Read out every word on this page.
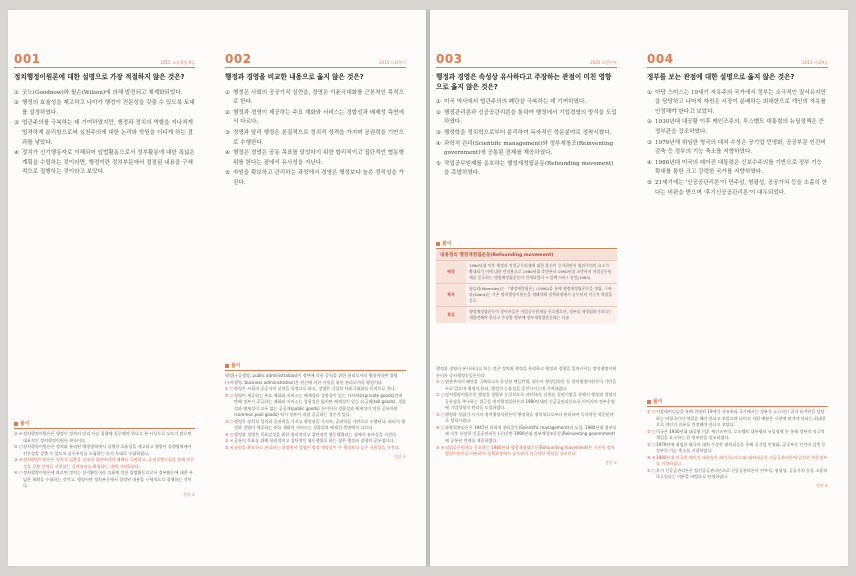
001	2015 교육행정 9급
정치행정이원론에 대한 설명으로 가장 적절하지 않은 것은?
① 굿노(Goodnow)와 윌슨(Wilson)에 의해 발전되고 체계화되었다.
② 행정의 효율성을 제고하고 나아가 행정이 전문성을 갖출 수 있도록 토대를 설정하였다.
③ 엽관주의를 극복하는 데 기여하였지만, 행정과 정치의 역할을 지나치게 엄격하게 분리함으로써 실천주의에 대한 논리와 학원을 더디게 하는 결과를 낳았다.
④ 정치가 신기행동자로 이해되어 입법활동으로서 정부활동에 대한 폭넓은 계획을 수립하는 것이라면, 행정이란 정치부문에서 결정된 내용을 구체적으로 집행하는 것이라고 보았다.
풀이
③ ✕ 정치행정이원론은 행정이 정치의 달리 사실 집행에 집중해야 한다고 본 사상으로 오도가 많으면 대표적인 정치행정이원론 학자이다.
② ○ 정치행정이원론은 정치와 분리된 행정영역에서 집행의 효율성을 제고하고 행정이 집행영역에서 전문성을 갖출 수 있도록 실무주의를 드립하는 등의 토대로 수립하였다.
③ ✕ 정치행정이원론은 정치적 임용을 강조한 엽관주의의 폐해를 극복하고, 공개경쟁시험을 통해 전문성을 갖춘 인력을 선발하는 실적주의를 확립하는 데에 기여하였다.
④ ○ 정치행정이원론에 따르면 정치는 선거활동이라 의회에 의한 입법활동으로서 정부활동에 대한 폭넓은 계획을 수립하는 것이고, 행정이란 정치부문에서 결정된 내용을 구체적으로 집행하는 것이다.
정답 ③
002	2015 사회복지
행정과 경영을 비교한 내용으로 옳지 않은 것은?
① 행정은 사회의 공공가치 실현을, 경영은 이윤극대화를 근본적인 목적으로 한다.
② 행정과 경영이 제공하는 주요 재화와 서비스는 경합성과 배제성 측면에서 다르다.
③ 경영과 달리 행정은 본질적으로 정치적 성격을 가지며 공권력을 기반으로 수행한다.
④ 행정은 경영은 공동 목표를 달성하기 위한 합리적이고 집단적인 협동행위를 한다는 점에서 유사성을 지닌다.
⑤ 자원을 확보하고 관리하는 과정에서 경영은 행정보다 높은 경직성을 가진다.
풀이
행정(+공행정, public administration)이 정부에 의한 공익을 위한 관리로서의 행정이라면 경영(+사행정, business administration)은 민간에 의한 사익을 위한 관리로서의 행정이다.
① ○ 행정은 사회의 공공가치 실현을 목적으로 하고, 경영은 기업의 이윤극대화를 목적으로 한다.
② ○ 경영이 제공하는 주요 재화와 서비스는 배제성과 경합성이 있는 사적재화(private goods)인데 반해 정부가 공급하는 재화와 서비스는 경합성은 없지만 배제성이 있는 요금재(toll goods), 경합성과 배제성이 모두 없는 공공재(public goods) 등이어서 경합성과 배제성이 약한 공유자원(common pool goods) 역시 정부가 직접 공급하는 경우가 있다.
③ ○ 행정은 정치적 성격과 공권력을 가지고 행정권을 가지며, 공권력을 기반으로 수행된다. 따라서 행정과 경영이 제공하는 주요 재화의 서비스는 경합성과 배제성 측면에서 다르다.
④ ○ 행정과 경영은 목표달성을 위한 합리적이고 집단적인 협동행위라는 점에서 유사성을 가진다.
⑤ ✕ 공통의 목표를 위해 합리적이고 집단적인 협동행위를 하는 점은 행정과 경영의 공통점이다.
⑤ ✕ 자원을 확보하고 관리하는 과정에서 경영은 법적 제약성이 큰 행정보다 높은 자율성을 가진다.
정답 ⑤
003	2020 소방인부
행정과 경영은 속성상 유사하다고 주장하는 관점이 미친 영향으로 옳지 않은 것은?
① 미국 역사에서 엽관주의의 폐단을 극복하는 데 기여하였다.
② 행정관리론과 신공공관리론을 통하여 행정에서 기업경영의 방식을 도입하였다.
③ 행정학을 정치학으로부터 분리하여 독자적인 학문분야로 정착시켰다.
④ 과학적 관리(Scientific management)와 정부재창조(Reinventing government)에 공통된 전제를 제공하였다.
⑤ 작업공무원제를 옹호하는 행정재정립운동(Refounding movement)을 촉발하였다.
풀이
내용정리 행정재정립운동(Refounding movement)
배경	1980년대 이후 행정과 직업공무원제에 대한 불신이 증가하면서 엽관주의의 요소가 확대되기 이에 대한 반작용으로 1980년대 후반부터 1990년대 초반까지 직업공무원제를 옹호하는 행정재정립운동이 전개되었다 → 블랙스버그 선언(1983)
학자	웜슬리(Wamsley)는 『행정재정립론』(1990)을 통해 행정재정립운동을 정립, 스바라(Svara)는 기존 정치행정이원론을 재해석해 정책과정에서 공무원의 적극적 역할을 옹호
특징	행정재정립운동이 참여자들은 직업공무원제를 옹호했으며, 정부를 재정립하기보다는 재발견해야 한다고 주장함 정부에 정부재정립운동과는 다름
행정과 경영이 유사하다고 보는 것은 정치와 행정을 분리하고 행정과 경영을 일치시키는 정치행정이원론이자 공사행정동일론이다.
① ○ 엽관주의의 폐단을 극복하고자 등장한 펜들턴법, 월슨의 행정일원론 등 정치행정이원론이 기반을 두고 있으며 행정의 분리, 행정의 능률성을 증진시키는데 기여하였다.
② ○ 정치행정이원론은 행정을 경영과 동질적으로 파악하며, 다원론 결정기법을 통해서 행정과 경영의 공통점을 추구하는 접근을 정치행정일원론과 1980년대의 신공공관리론으로 이어지며 정부운영에 기업경영의 원리를 도입하였다.
③ ○ 행정학 성립기 시기의 정치행정이원론이 행정학을 정치학으로부터 분리하여 독자적인 학문분야로 정착시켰다.
④ ○ 과학적관리론은 1947년 과학적 관리운동(Scientific management)의 도입, 1980년대 정부실패 이후 등장한 신공공관리론 (구)기반 1990년대 정부재창조운동(Reinventing government)에 공통된 전제를 제공하였다.
⑤ ✕ 직업공무원제를 옹호하는 1980년대 행정재정립운동(Refounding movement)은 기존의 정치행정이원론을 비판하며 정책과정에서 공무원의 적극적인 역할을 강조한다.
정답 ⑤
004	2013 국회9급
정부를 보는 관점에 대한 설명으로 옳지 않은 것은?
① 아담 스미스는 19세기 자유주의 국가에서 정부는 소극적인 질서유지만을 담당하고 나머지 자원은 시장이 분배하는 최대한으로 개인의 자유를 인정해야 한다고 보았다.
② 1930년대 대공황 이후 케인즈주의, 루스벨트 대통령의 뉴딜정책은 큰 정부관을 강조하였다.
③ 1979년에 취임한 영국의 대처 수상은 공기업 민영화, 공공부문 인건비 감축 등 정부의 기능 축소를 지향하였다.
④ 1980년대 미국의 레이건 대통령은 신보수주의를 기반으로 정부 기능 확대를 통한 크고 강력한 국가를 지향하였다.
⑤ 21세기에는 '신공공관리론'이 민주성, 형평성, 공공가치 등을 소홀히 한다는 비판을 받으며 '후기신공공관리론'이 대두되었다.
풀이
① ○ 시장메커니즘을 통해 한정된 19세기 자유주의 국가에서는 정부가 소극적인 질서 유지만을 담당하는 야경국가의 역할을 해야 한다고 보았으며 나머지 자원 배분은 시장에 맡겨야 한다는 최대한으로 개인의 자유를 인정해야 한다고 보았다.
② ○ 미국은 1930년대 대공황 이후 케인즈주의, 루스벨트 대통령의 뉴딜정책 등 통해 정부의 적극적 개입을 요구하는 큰 정부관을 강조하였다.
③ ○ 1979년에 취임한 영국의 대처 수상은 대처리즘을 통해 공기업 민영화, 공공부문 인건비 감축 등 정부의 기능 축소를 지향하였다.
④ ✕ 1980년대 미국의 레이건 대통령은 레이거노믹스와 대처리즘은 신공공관리론에 입각한 작은정부를 지향하였다.
⑤ ○ 후기 신공공관리론은 탈신공공관리론으로 신공공관리론이 민주성, 형평성, 공공가치 등을 소홀히 다루었다는 비판을 바탕으로 탄생하였다.
정답 ④
